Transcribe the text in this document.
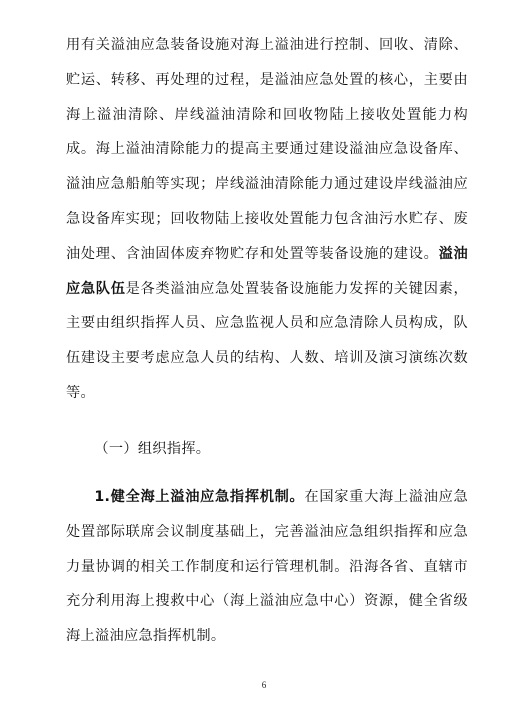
用有关溢油应急装备设施对海上溢油进行控制、回收、清除、贮运、转移、再处理的过程，是溢油应急处置的核心，主要由海上溢油清除、岸线溢油清除和回收物陆上接收处置能力构成。海上溢油清除能力的提高主要通过建设溢油应急设备库、溢油应急船舶等实现；岸线溢油清除能力通过建设岸线溢油应急设备库实现；回收物陆上接收处置能力包含油污水贮存、废油处理、含油固体废弃物贮存和处置等装备设施的建设。溢油应急队伍是各类溢油应急处置装备设施能力发挥的关键因素，主要由组织指挥人员、应急监视人员和应急清除人员构成，队伍建设主要考虑应急人员的结构、人数、培训及演习演练次数等。

（一）组织指挥。

1.健全海上溢油应急指挥机制。在国家重大海上溢油应急处置部际联席会议制度基础上，完善溢油应急组织指挥和应急力量协调的相关工作制度和运行管理机制。沿海各省、直辖市充分利用海上搜救中心（海上溢油应急中心）资源，健全省级海上溢油应急指挥机制。

6
